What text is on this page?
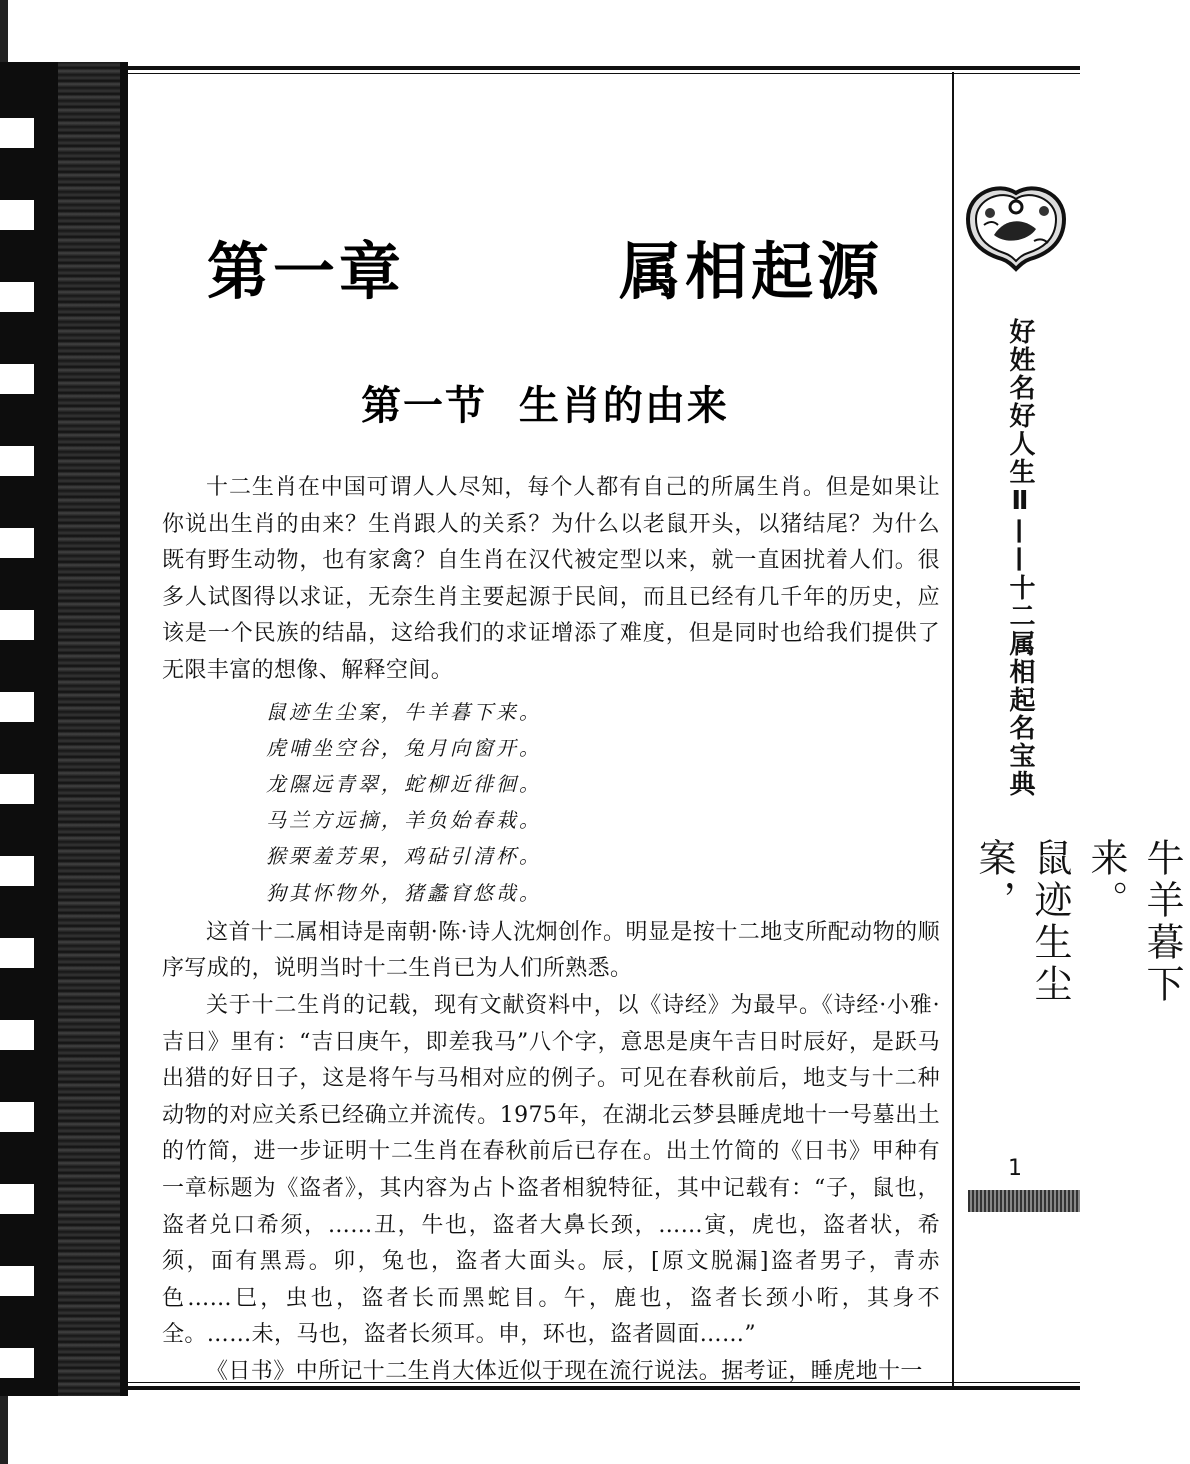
第一章    属相起源
第一节  生肖的由来

十二生肖在中国可谓人人尽知，每个人都有自己的所属生肖。但是如果让你说出生肖的由来？生肖跟人的关系？为什么以老鼠开头，以猪结尾？为什么既有野生动物，也有家禽？自生肖在汉代被定型以来，就一直困扰着人们。很多人试图得以求证，无奈生肖主要起源于民间，而且已经有几千年的历史，应该是一个民族的结晶，这给我们的求证增添了难度，但是同时也给我们提供了无限丰富的想像、解释空间。

鼠迹生尘案，牛羊暮下来。
虎哺坐空谷，兔月向窗开。
龙隰远青翠，蛇柳近徘徊。
马兰方远摘，羊负始春栽。
猴栗羞芳果，鸡砧引清杯。
狗其怀物外，猪蠡窅悠哉。

这首十二属相诗是南朝·陈·诗人沈炯创作。明显是按十二地支所配动物的顺序写成的，说明当时十二生肖已为人们所熟悉。

关于十二生肖的记载，现有文献资料中，以《诗经》为最早。《诗经·小雅·吉日》里有：“吉日庚午，即差我马”八个字，意思是庚午吉日时辰好，是跃马出猎的好日子，这是将午与马相对应的例子。可见在春秋前后，地支与十二种动物的对应关系已经确立并流传。1975年，在湖北云梦县睡虎地十一号墓出土的竹简，进一步证明十二生肖在春秋前后已存在。出土竹简的《日书》甲种有一章标题为《盗者》，其内容为占卜盗者相貌特征，其中记载有：“子，鼠也，盗者兑口希须，……丑，牛也，盗者大鼻长颈，……寅，虎也，盗者状，希须，面有黑焉。卯，兔也，盗者大面头。辰，[原文脱漏]盗者男子，青赤色……巳，虫也，盗者长而黑蛇目。午，鹿也，盗者长颈小哘，其身不全。……未，马也，盗者长须耳。申，环也，盗者圆面……”

《日书》中所记十二生肖大体近似于现在流行说法。据考证，睡虎地十一

好姓名好人生Ⅱ——十二属相起名宝典
牛羊暮下来。
鼠迹生尘案，
1
